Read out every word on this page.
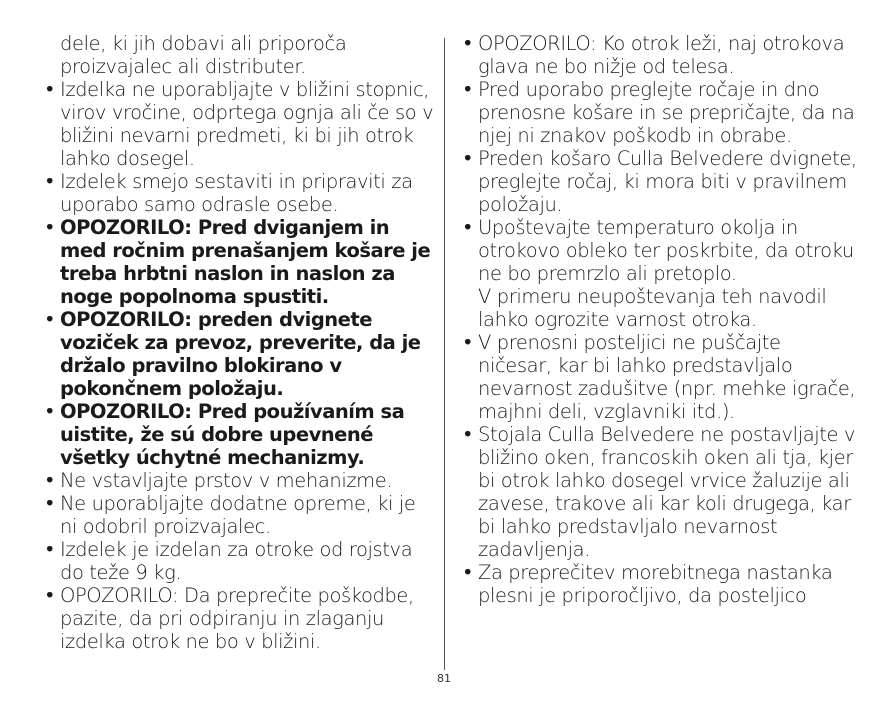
dele, ki jih dobavi ali priporoča proizvajalec ali distributer.
• Izdelka ne uporabljajte v bližini stopnic, virov vročine, odprtega ognja ali če so v bližini nevarni predmeti, ki bi jih otrok lahko dosegel.
• Izdelek smejo sestaviti in pripraviti za uporabo samo odrasle osebe.
• OPOZORILO: Pred dviganjem in med ročnim prenašanjem košare je treba hrbtni naslon in naslon za noge popolnoma spustiti.
• OPOZORILO: preden dvignete voziček za prevoz, preverite, da je držalo pravilno blokirano v pokončnem položaju.
• OPOZORILO: Pred používaním sa uistite, že sú dobre upevnené všetky úchytné mechanizmy.
• Ne vstavljajte prstov v mehanizme.
• Ne uporabljajte dodatne opreme, ki je ni odobril proizvajalec.
• Izdelek je izdelan za otroke od rojstva do teže 9 kg.
• OPOZORILO: Da preprečite poškodbe, pazite, da pri odpiranju in zlaganju izdelka otrok ne bo v bližini.
• OPOZORILO: Ko otrok leži, naj otrokova glava ne bo nižje od telesa.
• Pred uporabo preglejte ročaje in dno prenosne košare in se prepričajte, da na njej ni znakov poškodb in obrabe.
• Preden košaro Culla Belvedere dvignete, preglejte ročaj, ki mora biti v pravilnem položaju.
• Upoštevajte temperaturo okolja in otrokovo obleko ter poskrbite, da otroku ne bo premrzlo ali pretoplo.
V primeru neupoštevanja teh navodil lahko ogrozite varnost otroka.
• V prenosni posteljici ne puščajte ničesar, kar bi lahko predstavljalo nevarnost zadušitve (npr. mehke igrače, majhni deli, vzglavniki itd.).
• Stojala Culla Belvedere ne postavljajte v bližino oken, francoskih oken ali tja, kjer bi otrok lahko dosegel vrvice žaluzije ali zavese, trakove ali kar koli drugega, kar bi lahko predstavljalo nevarnost zadavljenja.
• Za preprečitev morebitnega nastanka plesni je priporočljivo, da posteljico
81
